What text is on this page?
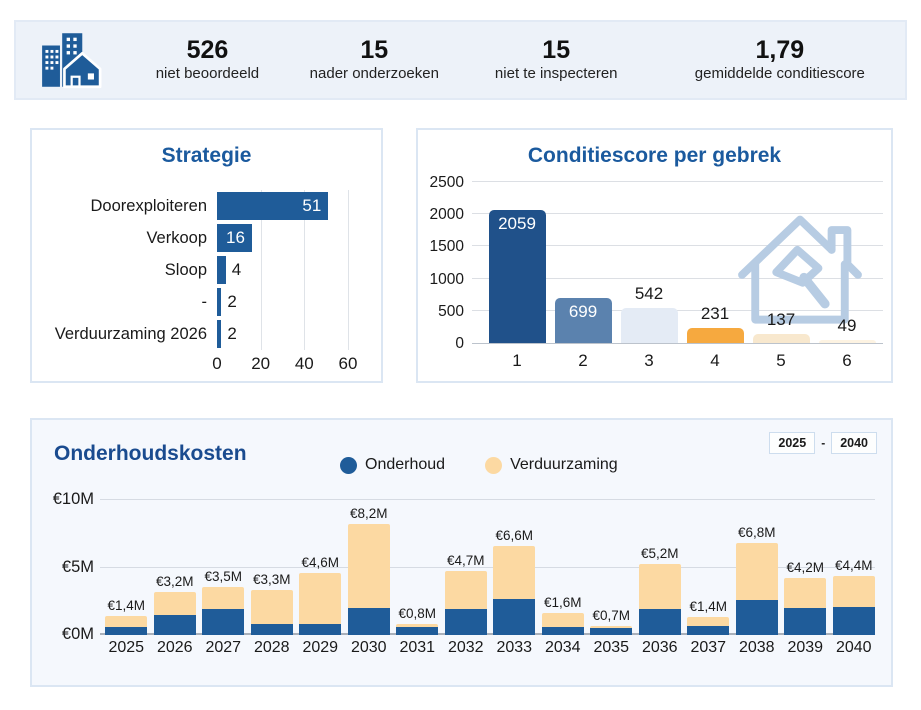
526
niet beoordeeld
15
nader onderzoeken
15
niet te inspecteren
1,79
gemiddelde conditiescore
Strategie
Doorexploiteren	51
Verkoop	16
Sloop	4
-	2
Verduurzaming 2026	2
0 20 40 60
Conditiescore per gebrek
0
500
1000
1500
2000
2500
2059
699
542
231	137	49
1	2	3	4	5	6
Onderhoudskosten	Onderhoud	Verduurzaming
2025	-	2040
€0M
€5M
€10M
€1,4M
€3,2M €3,5M €3,3M
€4,6M
€8,2M
€0,8M
€4,7M
€6,6M
€1,6M
€0,7M
€5,2M
€1,4M
€6,8M
€4,2M €4,4M
2025 2026 2027 2028 2029 2030 2031 2032 2033 2034 2035 2036 2037 2038 2039 2040
